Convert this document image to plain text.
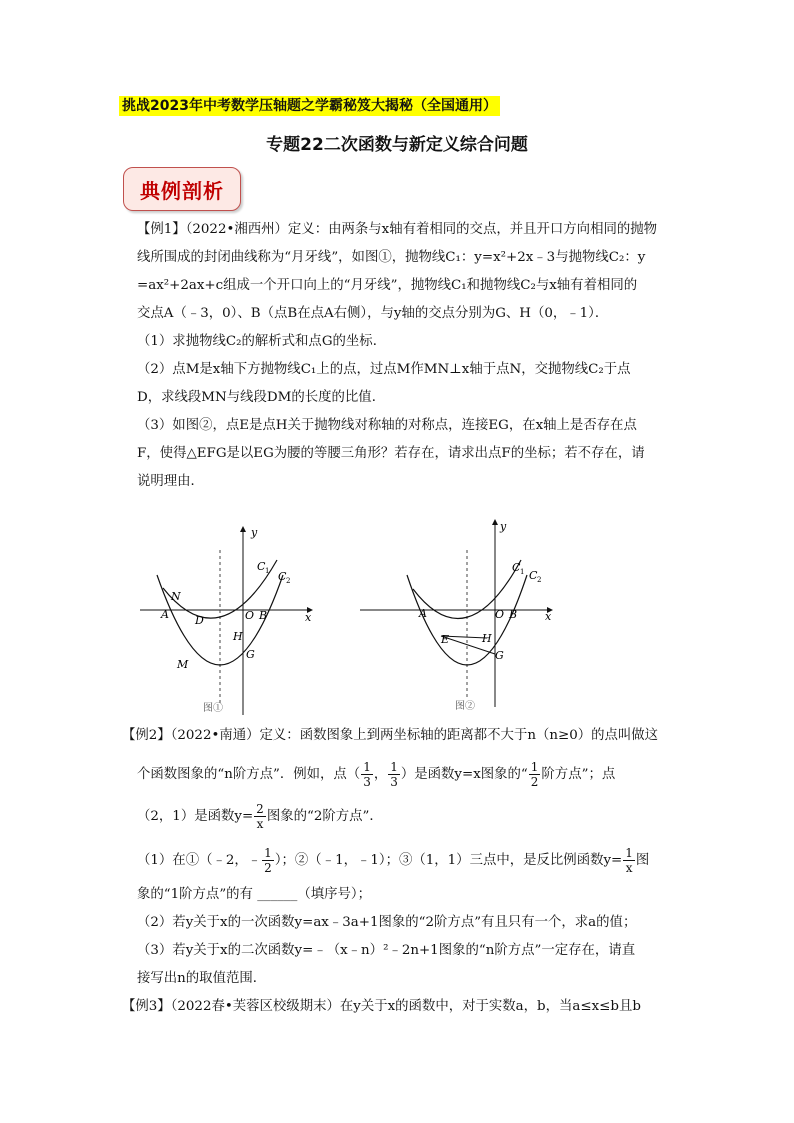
挑战2023年中考数学压轴题之学霸秘笈大揭秘（全国通用）
专题22二次函数与新定义综合问题
典例剖析
【例1】（2022•湘西州）定义：由两条与x轴有着相同的交点，并且开口方向相同的抛物
线所围成的封闭曲线称为“月牙线”，如图①，抛物线C₁：y=x²+2x﹣3与抛物线C₂：y
=ax²+2ax+c组成一个开口向上的“月牙线”，抛物线C₁和抛物线C₂与x轴有着相同的
交点A（﹣3，0）、B（点B在点A右侧），与y轴的交点分别为G、H（0，﹣1）．
（1）求抛物线C₂的解析式和点G的坐标．
（2）点M是x轴下方抛物线C₁上的点，过点M作MN⊥x轴于点N，交抛物线C₂于点
D，求线段MN与线段DM的长度的比值．
（3）如图②，点E是点H关于抛物线对称轴的对称点，连接EG，在x轴上是否存在点
F，使得△EFG是以EG为腰的等腰三角形？若存在，请求出点F的坐标；若不存在，请
说明理由．
y
x
A
N
D	O B
H
G
M
C 1 C 2
图①
y
x
A
E
O B
H
G
C 1 C 2
图②
【例2】（2022•南通）定义：函数图象上到两坐标轴的距离都不大于n（n≥0）的点叫做这
个函数图象的“n阶方点”．例如，点（ $\frac{1}{3}$ ， $\frac{1}{3}$ ）是函数y=x图象的“ $\frac{1}{2}$ 阶方点”；点
（2，1）是函数$y= \frac{2}{x}$ 图象的“2阶方点”．
（1）在①（﹣2，﹣ $\frac{1}{2}$ ）；②（﹣1，﹣1）；③（1，1）三点中，是反比例函数$y= \frac{1}{x}$ 图
象的“1阶方点”的有 ______（填序号）；
（2）若y关于x的一次函数y=ax﹣3a+1图象的“2阶方点”有且只有一个，求a的值；
（3）若y关于x的二次函数y=﹣（x﹣n）²﹣2n+1图象的“n阶方点”一定存在，请直
接写出n的取值范围．
【例3】（2022春•芙蓉区校级期末）在y关于x的函数中，对于实数a，b，当a≤x≤b且b
